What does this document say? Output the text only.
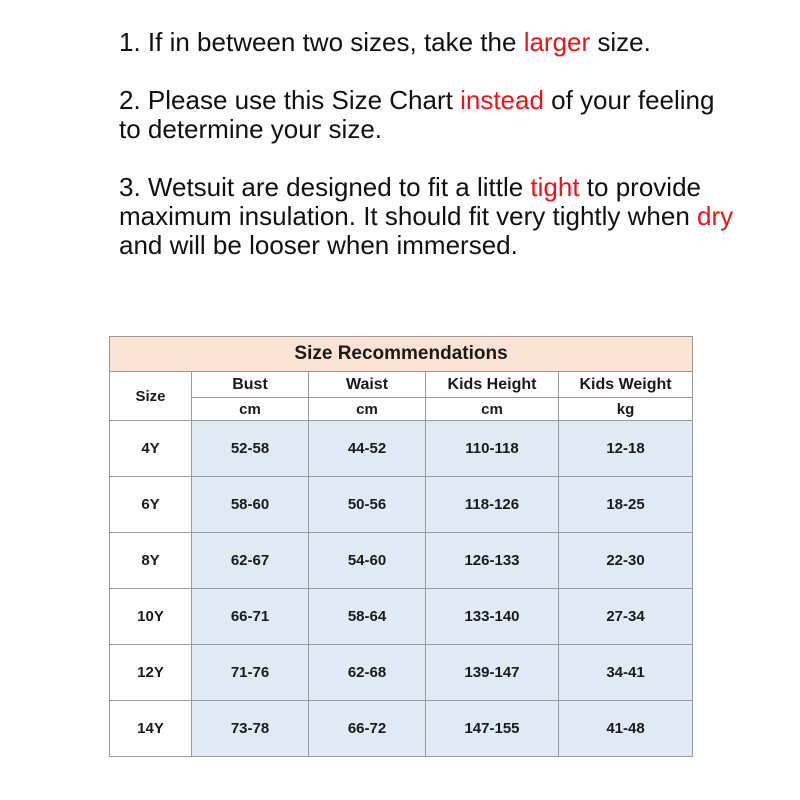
1. If in between two sizes, take the larger size.

2. Please use this Size Chart instead of your feeling to determine your size.

3. Wetsuit are designed to fit a little tight to provide maximum insulation. It should fit very tightly when dry and will be looser when immersed.

Size Recommendations				
Size	Bust	Waist	Kids Height	Kids Weight
	cm	cm	cm	kg
4Y	52-58	44-52	110-118	12-18
6Y	58-60	50-56	118-126	18-25
8Y	62-67	54-60	126-133	22-30
10Y	66-71	58-64	133-140	27-34
12Y	71-76	62-68	139-147	34-41
14Y	73-78	66-72	147-155	41-48
